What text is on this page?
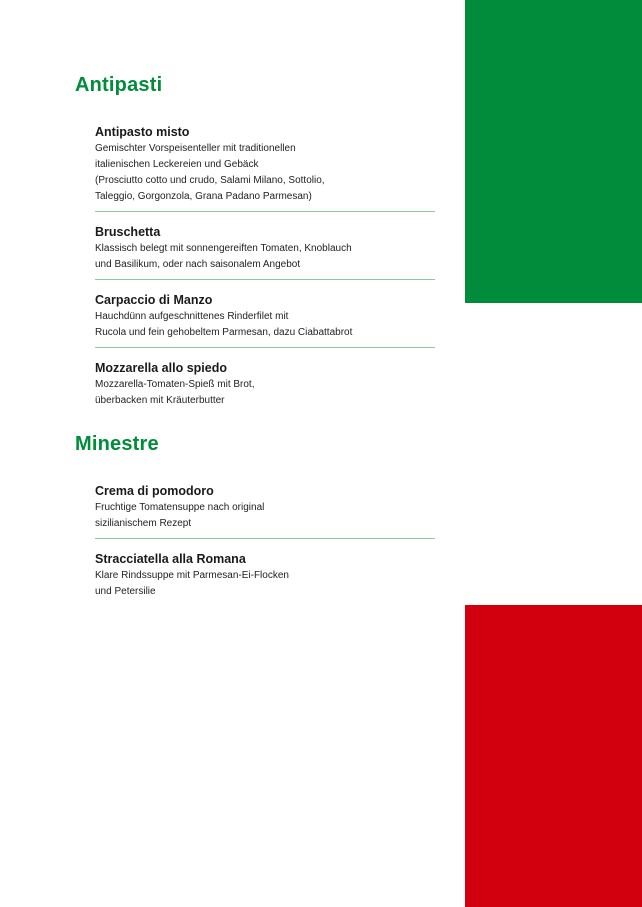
Antipasti

Antipasto misto

Gemischter Vorspeisenteller mit traditionellen
italienischen Leckereien und Gebäck
(Prosciutto cotto und crudo, Salami Milano, Sottolio,
Taleggio, Gorgonzola, Grana Padano Parmesan)

Bruschetta

Klassisch belegt mit sonnengereiften Tomaten, Knoblauch
und Basilikum, oder nach saisonalem Angebot

Carpaccio di Manzo

Hauchdünn aufgeschnittenes Rinderfilet mit
Rucola und fein gehobeltem Parmesan, dazu Ciabattabrot

Mozzarella allo spiedo

Mozzarella-Tomaten-Spieß mit Brot,
überbacken mit Kräuterbutter

Minestre

Crema di pomodoro

Fruchtige Tomatensuppe nach original
sizilianischem Rezept

Stracciatella alla Romana

Klare Rindssuppe mit Parmesan-Ei-Flocken
und Petersilie
